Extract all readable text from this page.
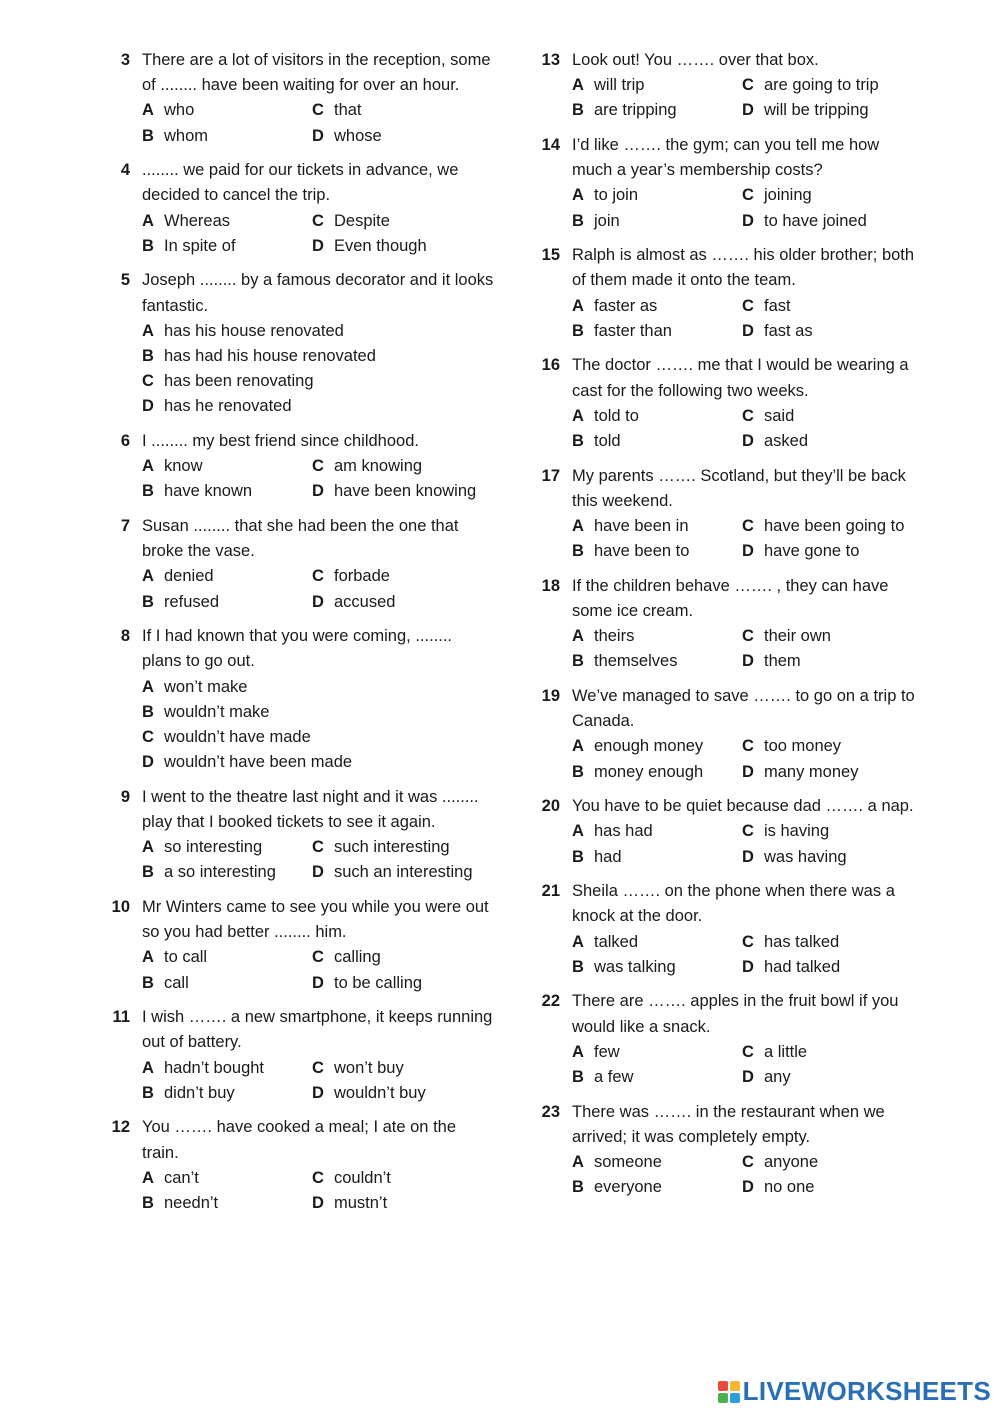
3 There are a lot of visitors in the reception, some of ........ have been waiting for over an hour.
A who	C that
B whom	D whose
4 ........ we paid for our tickets in advance, we decided to cancel the trip.
A Whereas	C Despite
B In spite of	D Even though
5 Joseph ........ by a famous decorator and it looks fantastic.
A has his house renovated
B has had his house renovated
C has been renovating
D has he renovated
6 I ........ my best friend since childhood.
A know	C am knowing
B have known	D have been knowing
7 Susan ........ that she had been the one that broke the vase.
A denied	C forbade
B refused	D accused
8 If I had known that you were coming, ........ plans to go out.
A won’t make
B wouldn’t make
C wouldn’t have made
D wouldn’t have been made
9 I went to the theatre last night and it was ........ play that I booked tickets to see it again.
A so interesting	C such interesting
B a so interesting	D such an interesting
10 Mr Winters came to see you while you were out so you had better ........ him.
A to call	C calling
B call	D to be calling
11 I wish ……. a new smartphone, it keeps running out of battery.
A hadn’t bought	C won’t buy
B didn’t buy	D wouldn’t buy
12 You ……. have cooked a meal; I ate on the train.
A can’t	C couldn’t
B needn’t	D mustn’t
13 Look out! You ……. over that box.
A will trip	C are going to trip
B are tripping	D will be tripping
14 I’d like ……. the gym; can you tell me how much a year’s membership costs?
A to join	C joining
B join	D to have joined
15 Ralph is almost as ……. his older brother; both of them made it onto the team.
A faster as	C fast
B faster than	D fast as
16 The doctor ……. me that I would be wearing a cast for the following two weeks.
A told to	C said
B told	D asked
17 My parents ……. Scotland, but they’ll be back this weekend.
A have been in	C have been going to
B have been to	D have gone to
18 If the children behave ……. , they can have some ice cream.
A theirs	C their own
B themselves	D them
19 We’ve managed to save ……. to go on a trip to Canada.
A enough money	C too money
B money enough	D many money
20 You have to be quiet because dad ……. a nap.
A has had	C is having
B had	D was having
21 Sheila ……. on the phone when there was a knock at the door.
A talked	C has talked
B was talking	D had talked
22 There are ……. apples in the fruit bowl if you would like a snack.
A few	C a little
B a few	D any
23 There was ……. in the restaurant when we arrived; it was completely empty.
A someone	C anyone
B everyone	D no one
LIVEWORKSHEETS
